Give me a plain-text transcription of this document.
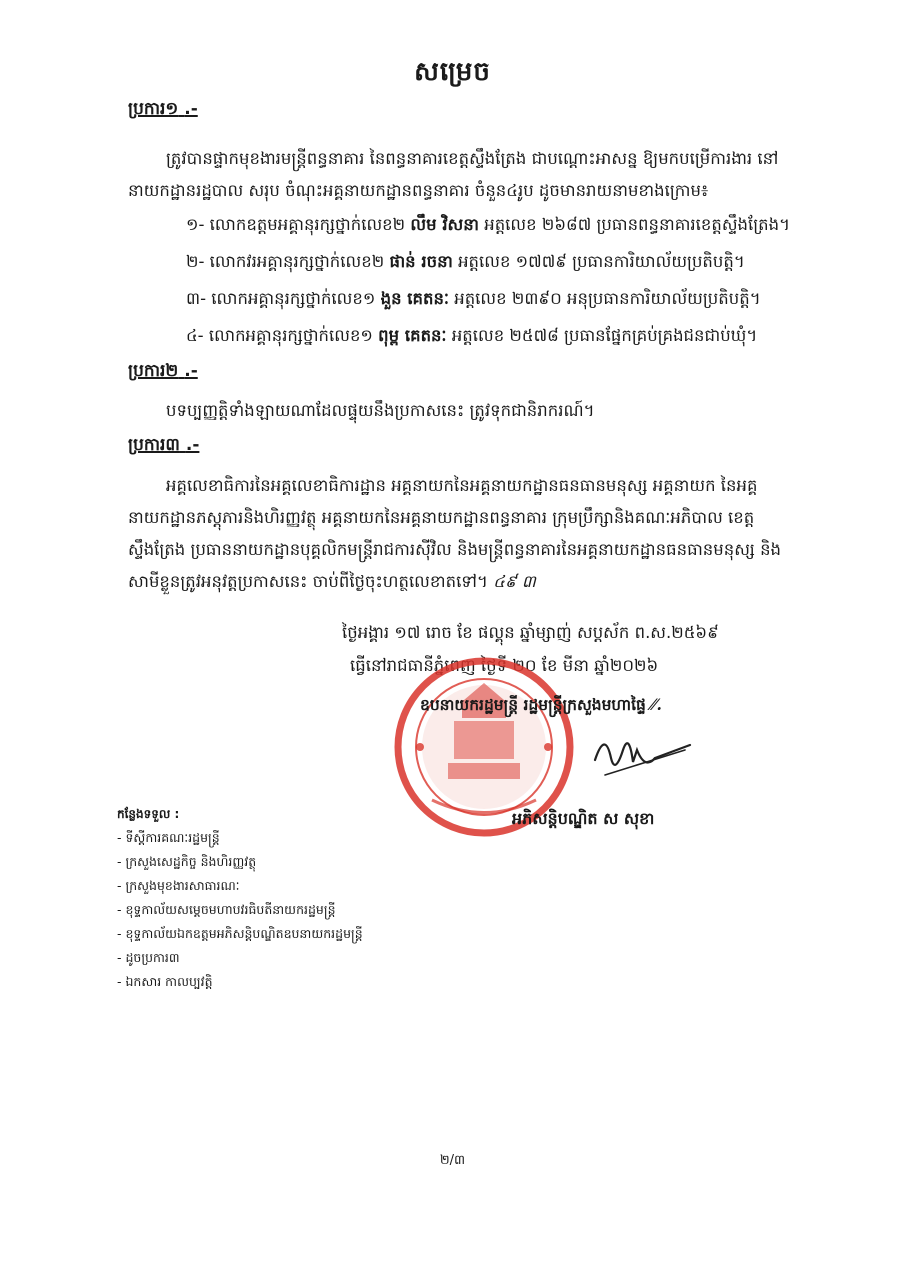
សម្រេច
ប្រការ១ .-
ត្រូវបានផ្ទាកមុខងារមន្ត្រីពន្ធនាគារ នៃពន្ធនាគារខេត្តស្ទឹងត្រែង ជាបណ្តោះអាសន្ន ឱ្យមកបម្រើការងារ នៅនាយកដ្ឋានរដ្ឋបាល សរុប ចំណុះអគ្គនាយកដ្ឋានពន្ធនាគារ ចំនួន៤រូប ដូចមានរាយនាមខាងក្រោម៖
១- លោកឧត្តមអគ្គានុរក្សថ្នាក់លេខ២ លឹម វិសនា អត្តលេខ ២៦៨៧ ប្រធានពន្ធនាគារខេត្តស្ទឹងត្រែង។
២- លោកវរអគ្គានុរក្សថ្នាក់លេខ២ ផាន់ រចនា អត្តលេខ ១៧៧៩ ប្រធានការិយាល័យប្រតិបត្តិ។
៣- លោកអគ្គានុរក្សថ្នាក់លេខ១ ងួន គេតនៈ អត្តលេខ ២៣៩០ អនុប្រធានការិយាល័យប្រតិបត្តិ។
៤- លោកអគ្គានុរក្សថ្នាក់លេខ១ ពុម្ព គេតនៈ អត្តលេខ ២៥៧៨ ប្រធានផ្នែកគ្រប់គ្រងជនជាប់ឃុំ។
ប្រការ២ .-
បទប្បញ្ញត្តិទាំងឡាយណាដែលផ្ទុយនឹងប្រកាសនេះ ត្រូវទុកជានិរាករណ៍។
ប្រការ៣ .-
អគ្គលេខាធិការនៃអគ្គលេខាធិការដ្ឋាន អគ្គនាយកនៃអគ្គនាយកដ្ឋានធនធានមនុស្ស អគ្គនាយក នៃអគ្គនាយកដ្ឋានភស្តុភារនិងហិរញ្ញវត្ថុ អគ្គនាយកនៃអគ្គនាយកដ្ឋានពន្ធនាគារ ក្រុមប្រឹក្សានិងគណៈអភិបាល ខេត្តស្ទឹងត្រែង ប្រធាននាយកដ្ឋានបុគ្គលិកមន្ត្រីរាជការស៊ីវិល និងមន្ត្រីពន្ធនាគារនៃអគ្គនាយកដ្ឋានធនធានមនុស្ស និងសាមីខ្លួនត្រូវអនុវត្តប្រកាសនេះ ចាប់ពីថ្ងៃចុះហត្ថលេខាតទៅ។ ៤៩ ៣
ថ្ងៃអង្គារ ១៧ រោច ខែ ផល្គុន ឆ្នាំម្សាញ់ សប្តស័ក ព.ស.២៥៦៩
ធ្វើនៅរាជធានីភ្នំពេញ ថ្ងៃទី ២០ ខែ មីនា ឆ្នាំ២០២៦
ឧបនាយករដ្ឋមន្ត្រី រដ្ឋមន្ត្រីក្រសួងមហាផ្ទៃ ⁄⁄.
អភិសន្តិបណ្ឌិត ស សុខា
កន្លែងទទួល :
- ទីស្តីការគណៈរដ្ឋមន្ត្រី
- ក្រសួងសេដ្ឋកិច្ច និងហិរញ្ញវត្ថុ
- ក្រសួងមុខងារសាធារណៈ
- ខុទ្ទកាល័យសម្តេចមហាបវរធិបតីនាយករដ្ឋមន្ត្រី
- ខុទ្ទកាល័យឯកឧត្តមអភិសន្តិបណ្ឌិតឧបនាយករដ្ឋមន្ត្រី
- ដូចប្រការ៣
- ឯកសារ កាលប្បវត្តិ
២/៣
